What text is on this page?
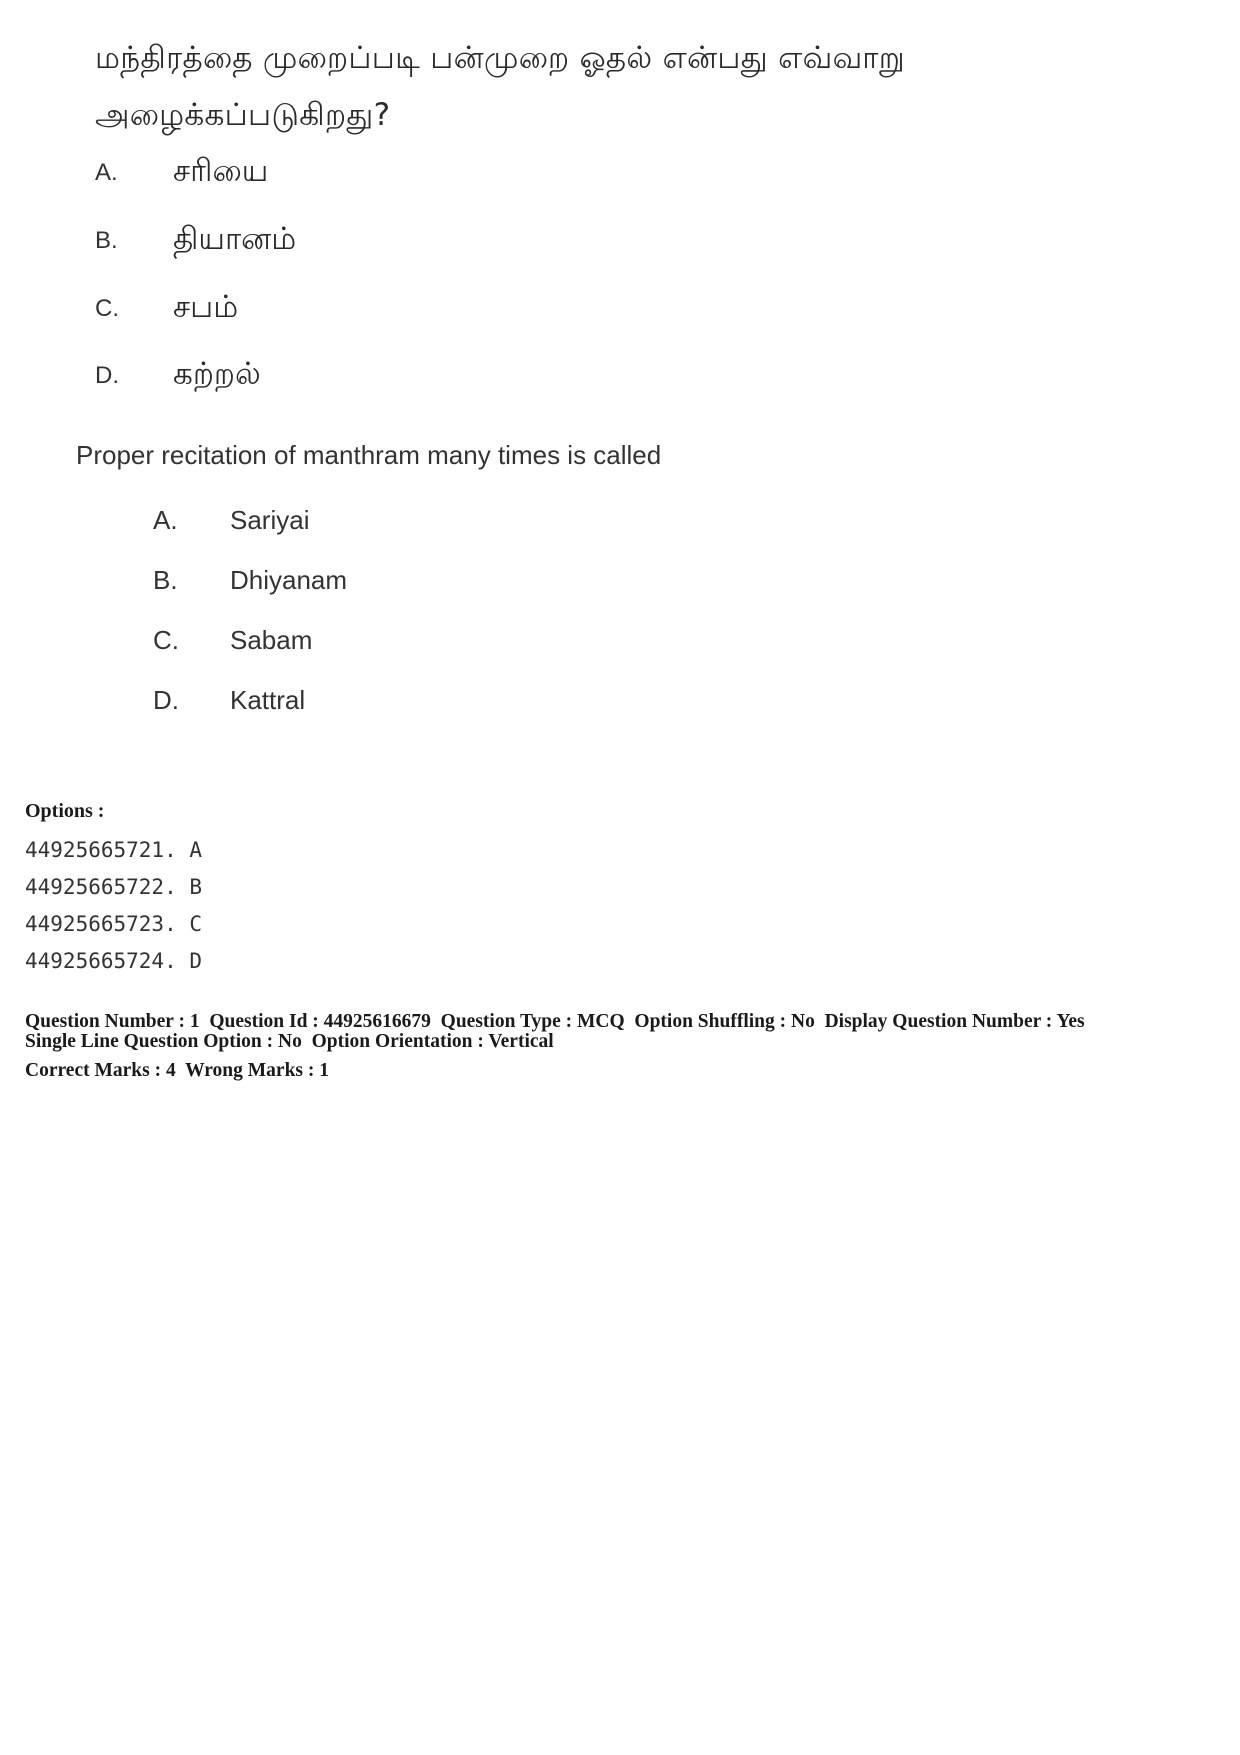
மந்திரத்தை முறைப்படி பன்முறை ஓதல் என்பது எவ்வாறு அழைக்கப்படுகிறது?
A.	சரியை
B.	தியானம்
C.	சபம்
D.	கற்றல்
Proper recitation of manthram many times is called
A.	Sariyai
B.	Dhiyanam
C.	Sabam
D.	Kattral
Options :
44925665721. A
44925665722. B
44925665723. C
44925665724. D
Question Number : 1  Question Id : 44925616679  Question Type : MCQ  Option Shuffling : No  Display Question Number : Yes
Single Line Question Option : No  Option Orientation : Vertical
Correct Marks : 4  Wrong Marks : 1
